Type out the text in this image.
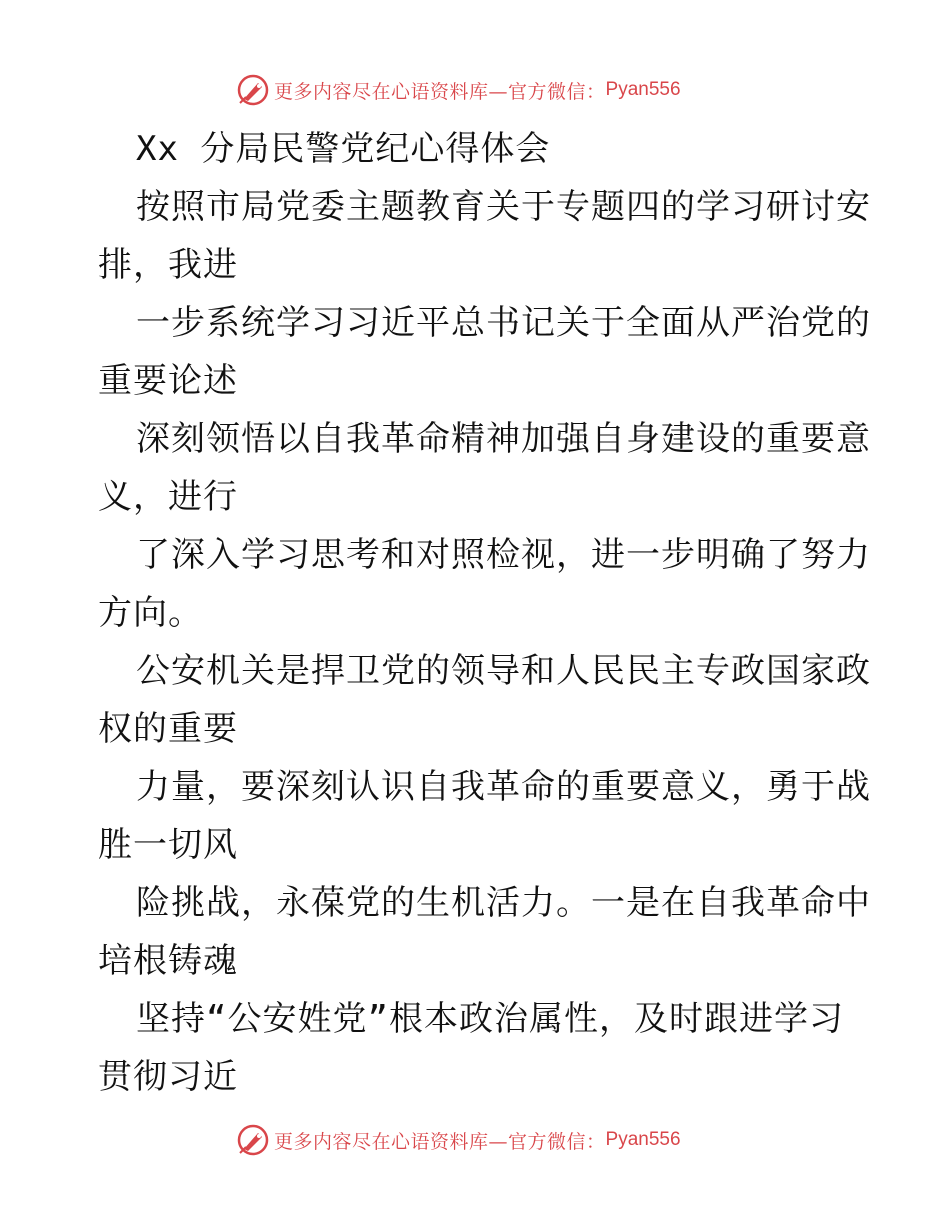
更多内容尽在心语资料库—官方微信： Pyan556
Xx 分局民警党纪心得体会
按照市局党委主题教育关于专题四的学习研讨安
排，我进
一步系统学习习近平总书记关于全面从严治党的
重要论述
深刻领悟以自我革命精神加强自身建设的重要意
义，进行
了深入学习思考和对照检视，进一步明确了努力
方向。
公安机关是捍卫党的领导和人民民主专政国家政
权的重要
力量，要深刻认识自我革命的重要意义，勇于战
胜一切风
险挑战，永葆党的生机活力。一是在自我革命中
培根铸魂
坚持“公安姓党”根本政治属性，及时跟进学习
贯彻习近
更多内容尽在心语资料库—官方微信： Pyan556
